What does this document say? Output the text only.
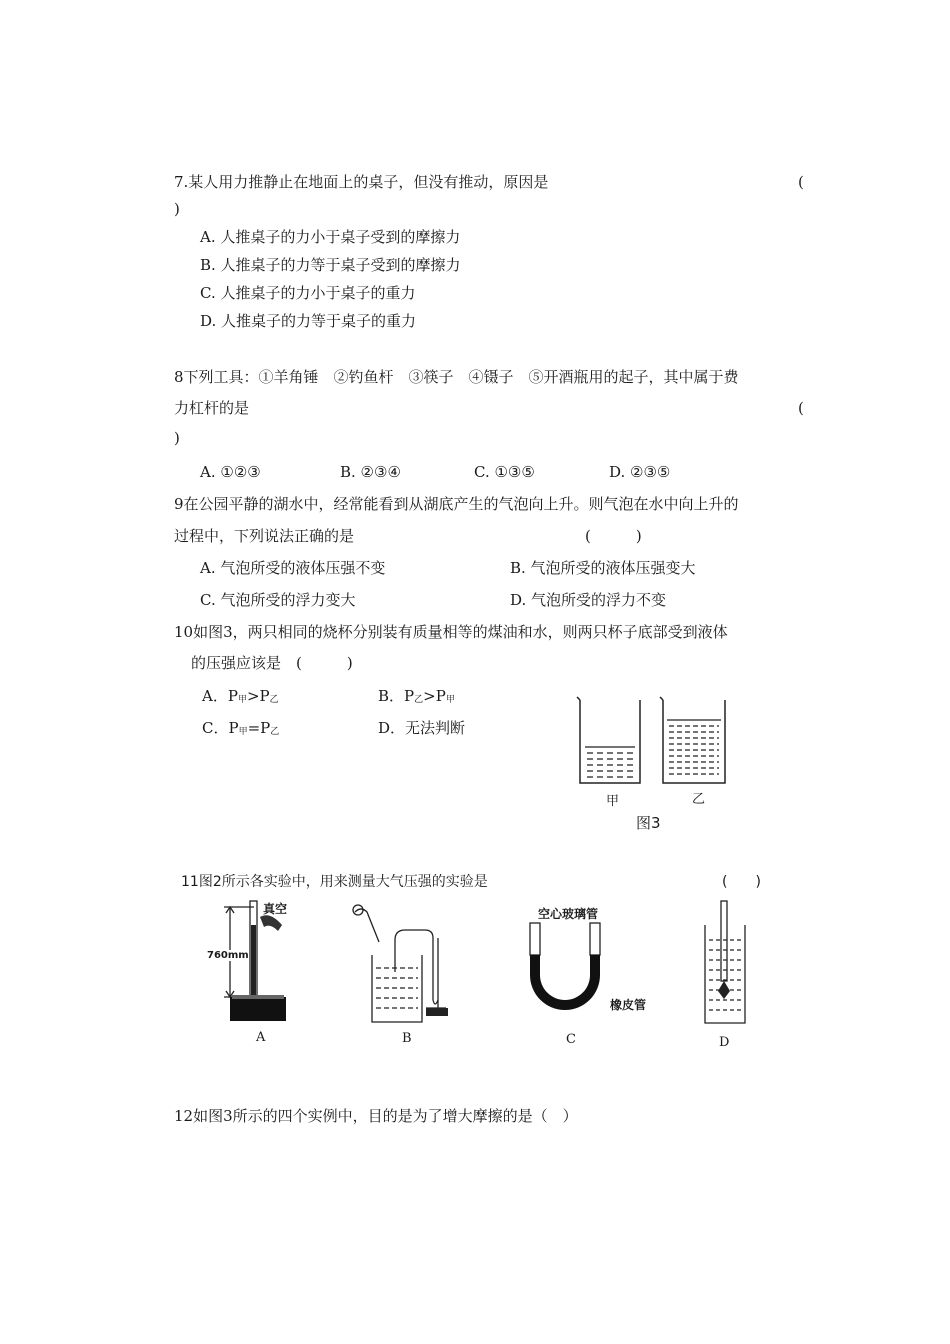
7.某人用力推静止在地面上的桌子，但没有推动，原因是	(
)
A. 人推桌子的力小于桌子受到的摩擦力
B. 人推桌子的力等于桌子受到的摩擦力
C. 人推桌子的力小于桌子的重力
D. 人推桌子的力等于桌子的重力
8下列工具：①羊角锤　②钓鱼杆　③筷子　④镊子　⑤开酒瓶用的起子，其中属于费
力杠杆的是	(
)
A. ①②③	B. ②③④	C. ①③⑤	D. ②③⑤
9在公园平静的湖水中，经常能看到从湖底产生的气泡向上升。则气泡在水中向上升的
过程中，下列说法正确的是	(　　　)
A. 气泡所受的液体压强不变	B. 气泡所受的液体压强变大
C. 气泡所受的浮力变大	D. 气泡所受的浮力不变
10如图3，两只相同的烧杯分别装有质量相等的煤油和水，则两只杯子底部受到液体
的压强应该是　(　　　)
A．$P_甲>P_乙$	B．$P_乙>P_甲$
C．$P_甲=P_乙$	D．无法判断
甲	乙
图3
11图2所示各实验中，用来测量大气压强的实验是	(　　)
真空
760mm
A	B
空心玻璃管
橡皮管
C	D
12如图3所示的四个实例中，目的是为了增大摩擦的是（　）
